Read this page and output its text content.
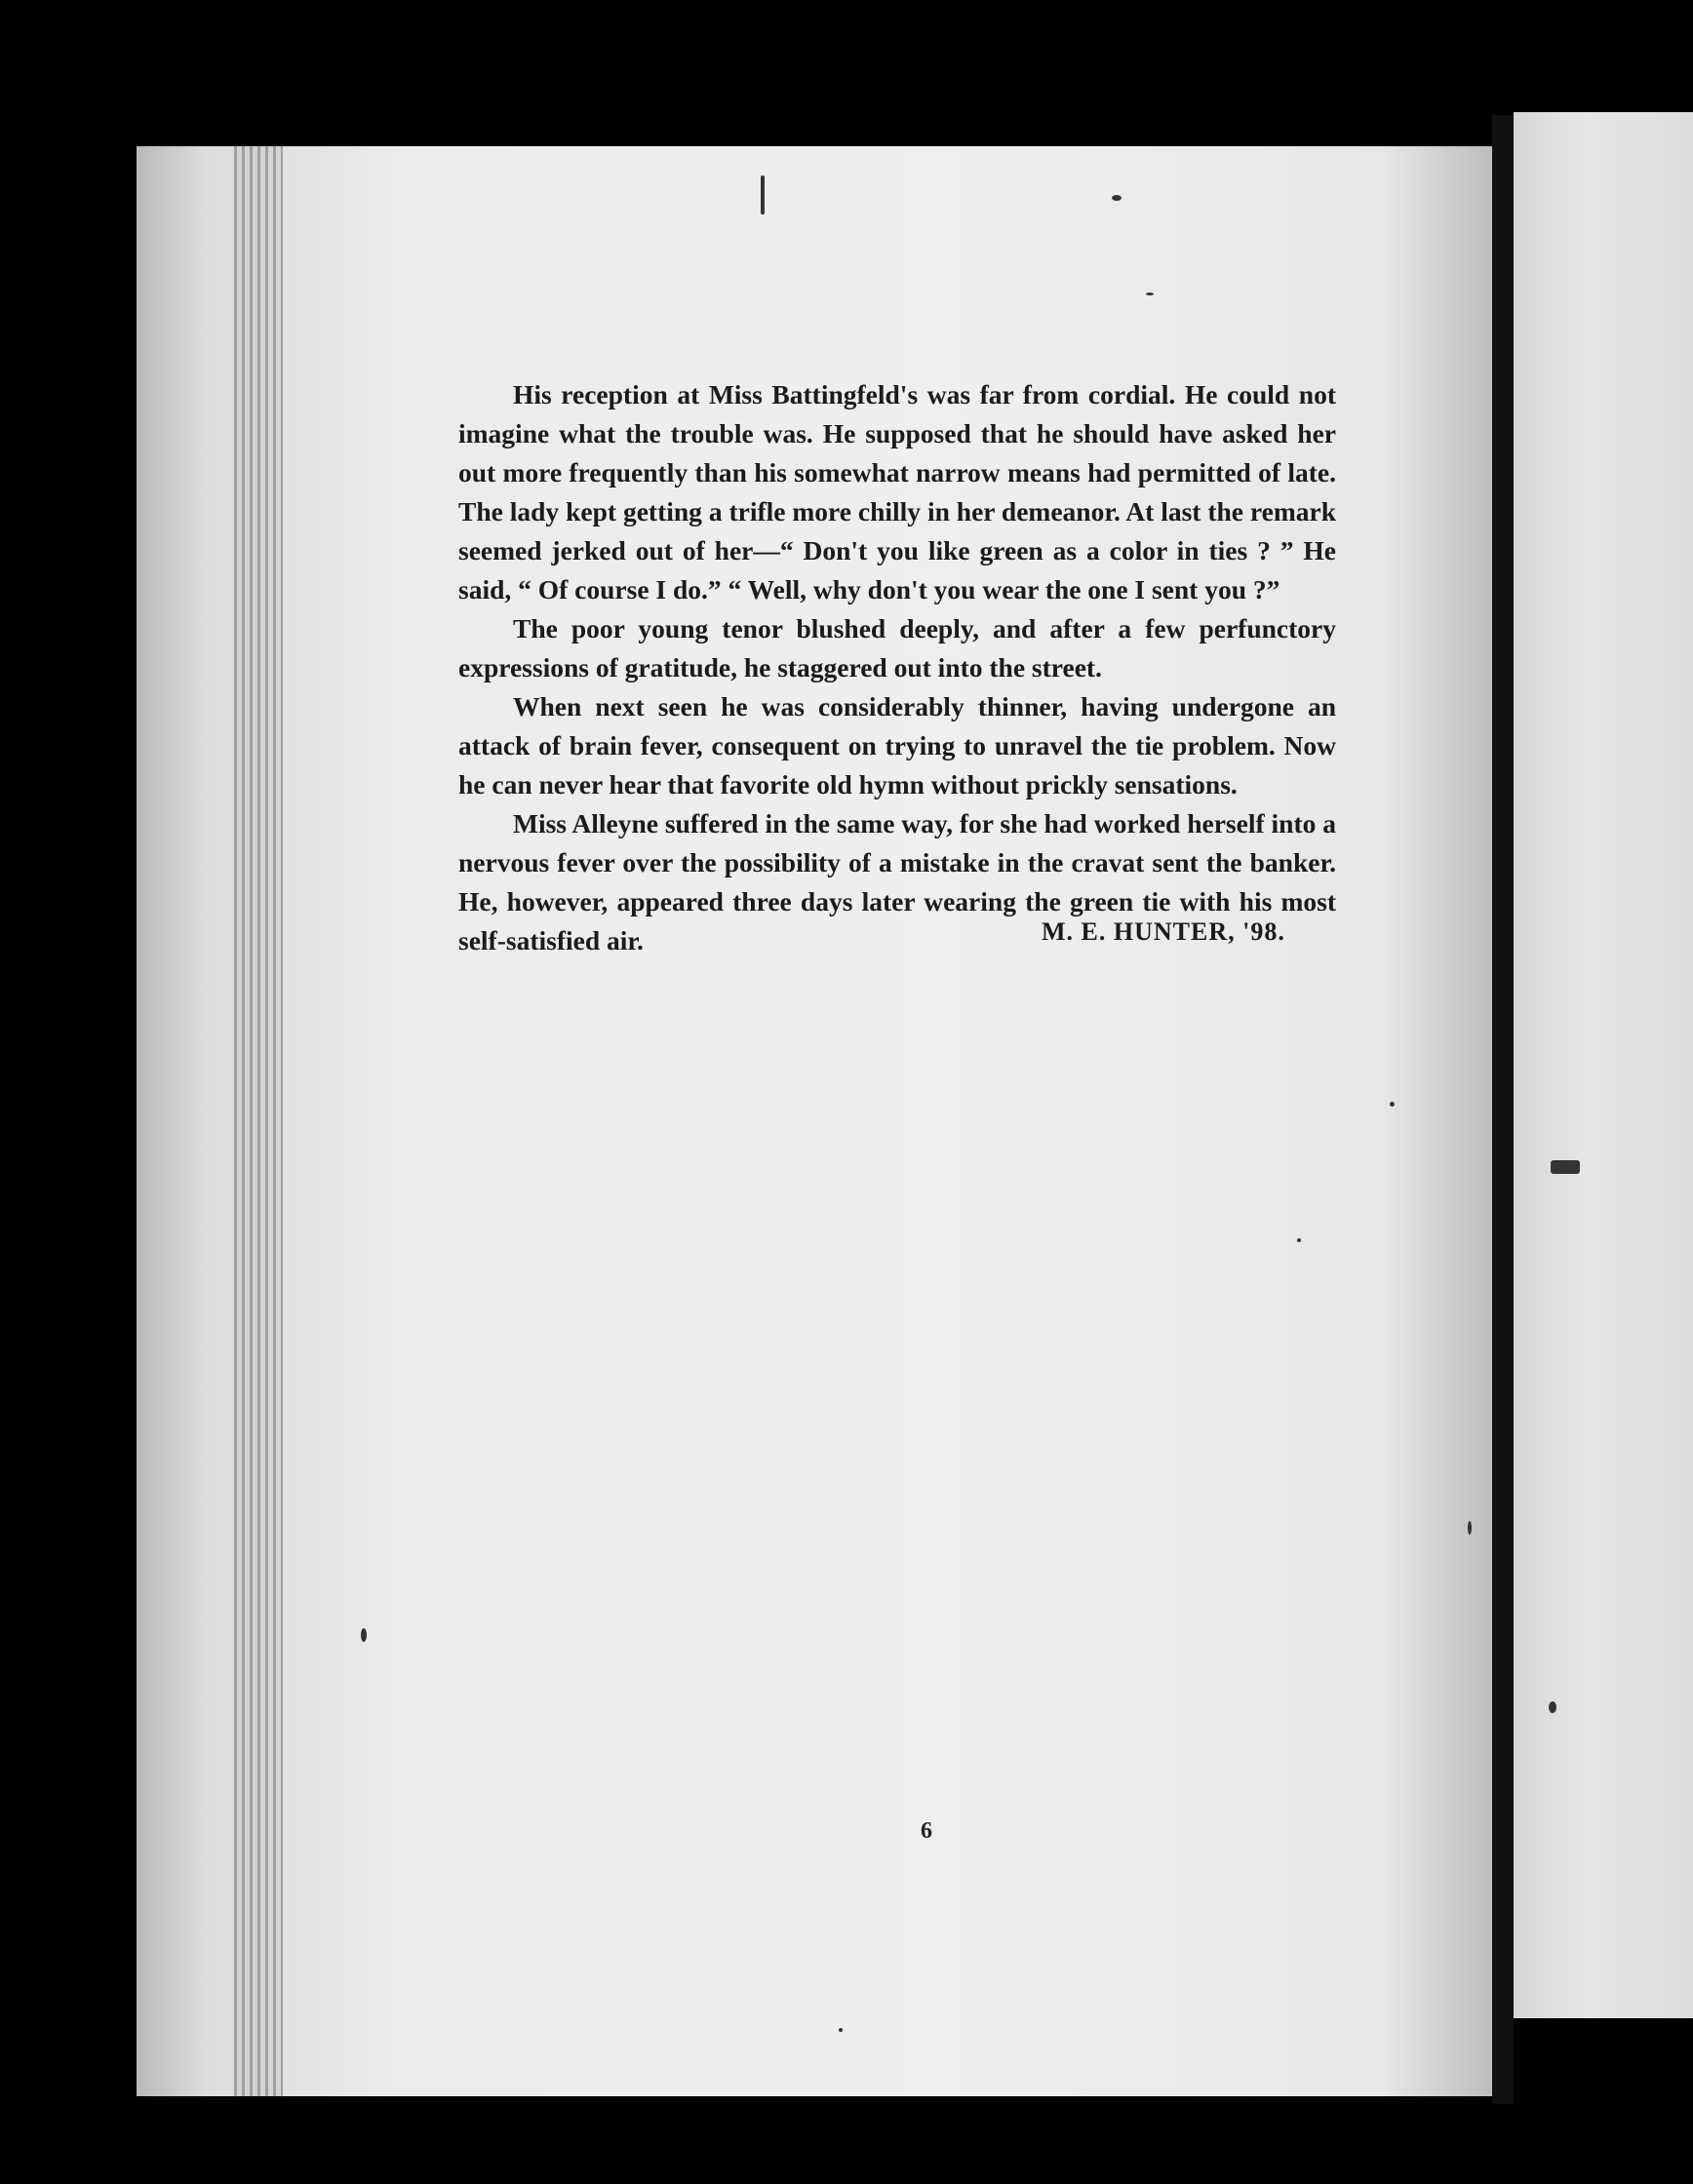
His reception at Miss Battingfeld's was far from cordial. He could not imagine what the trouble was. He supposed that he should have asked her out more frequently than his somewhat narrow means had permitted of late. The lady kept getting a trifle more chilly in her demeanor. At last the remark seemed jerked out of her—“ Don't you like green as a color in ties ? ” He said, “ Of course I do.” “ Well, why don't you wear the one I sent you ?”

The poor young tenor blushed deeply, and after a few perfunctory expressions of gratitude, he staggered out into the street.

When next seen he was considerably thinner, having undergone an attack of brain fever, consequent on trying to unravel the tie problem. Now he can never hear that favorite old hymn without prickly sensations.

Miss Alleyne suffered in the same way, for she had worked herself into a nervous fever over the possibility of a mistake in the cravat sent the banker. He, however, appeared three days later wearing the green tie with his most self-satisfied air.	M. E. HUNTER, '98.
6
